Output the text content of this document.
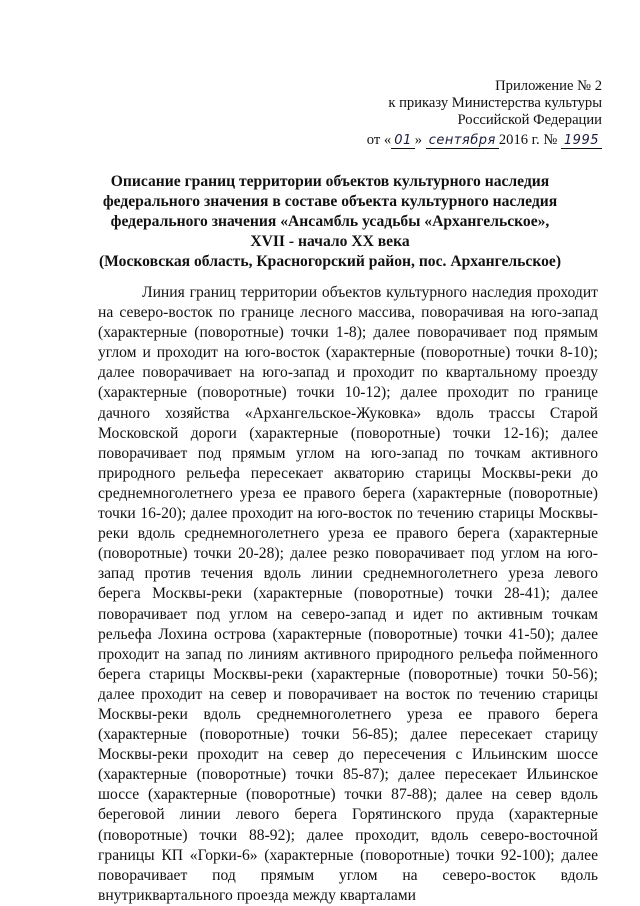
Приложение № 2
к приказу Министерства культуры
Российской Федерации
от « 01 » сентября 2016 г. № 1995
Описание границ территории объектов культурного наследия
федерального значения в составе объекта культурного наследия
федерального значения «Ансамбль усадьбы «Архангельское»,
XVII - начало XX века
(Московская область, Красногорский район, пос. Архангельское)

Линия границ территории объектов культурного наследия проходит на северо-восток по границе лесного массива, поворачивая на юго-запад (характерные (поворотные) точки 1-8); далее поворачивает под прямым углом и проходит на юго-восток (характерные (поворотные) точки 8-10); далее поворачивает на юго-запад и проходит по квартальному проезду (характерные (поворотные) точки 10-12); далее проходит по границе дачного хозяйства «Архангельское-Жуковка» вдоль трассы Старой Московской дороги (характерные (поворотные) точки 12-16); далее поворачивает под прямым углом на юго-запад по точкам активного природного рельефа пересекает акваторию старицы Москвы-реки до среднемноголетнего уреза ее правого берега (характерные (поворотные) точки 16-20); далее проходит на юго-восток по течению старицы Москвы-реки вдоль среднемноголетнего уреза ее правого берега (характерные (поворотные) точки 20-28); далее резко поворачивает под углом на юго-запад против течения вдоль линии среднемноголетнего уреза левого берега Москвы-реки (характерные (поворотные) точки 28-41); далее поворачивает под углом на северо-запад и идет по активным точкам рельефа Лохина острова (характерные (поворотные) точки 41-50); далее проходит на запад по линиям активного природного рельефа пойменного берега старицы Москвы-реки (характерные (поворотные) точки 50-56); далее проходит на север и поворачивает на восток по течению старицы Москвы-реки вдоль среднемноголетнего уреза ее правого берега (характерные (поворотные) точки 56-85); далее пересекает старицу Москвы-реки проходит на север до пересечения с Ильинским шоссе (характерные (поворотные) точки 85-87); далее пересекает Ильинское шоссе (характерные (поворотные) точки 87-88); далее на север вдоль береговой линии левого берега Горятинского пруда (характерные (поворотные) точки 88-92); далее проходит, вдоль северо-восточной границы КП «Горки-6» (характерные (поворотные) точки 92-100); далее поворачивает под прямым углом на северо-восток вдоль внутриквартального проезда между кварталами
